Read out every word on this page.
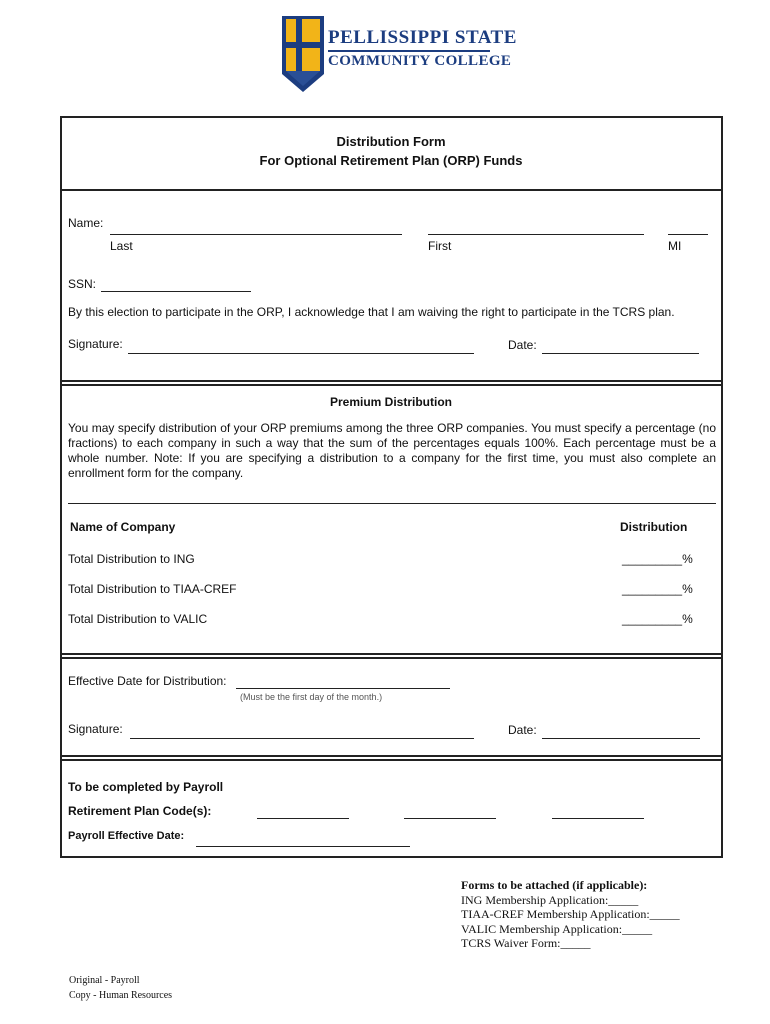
PELLISSIPPI STATE
COMMUNITY COLLEGE
Distribution Form
For Optional Retirement Plan (ORP) Funds
Name:
Last	First	MI
SSN:
By this election to participate in the ORP, I acknowledge that I am waiving the right to participate in the TCRS plan.
Signature:	Date:
Premium Distribution
You may specify distribution of your ORP premiums among the three ORP companies. You must specify a percentage (no fractions) to each company in such a way that the sum of the percentages equals 100%. Each percentage must be a whole number. Note: If you are specifying a distribution to a company for the first time, you must also complete an enrollment form for the company.
Name of Company	Distribution
Total Distribution to ING	_________%
Total Distribution to TIAA-CREF	_________%
Total Distribution to VALIC	_________%
Effective Date for Distribution:
(Must be the first day of the month.)
Signature:	Date:
To be completed by Payroll
Retirement Plan Code(s):
Payroll Effective Date:
Forms to be attached (if applicable):
ING Membership Application:_____
TIAA-CREF Membership Application:_____
VALIC Membership Application:_____
TCRS Waiver Form:_____
Original - Payroll
Copy - Human Resources
